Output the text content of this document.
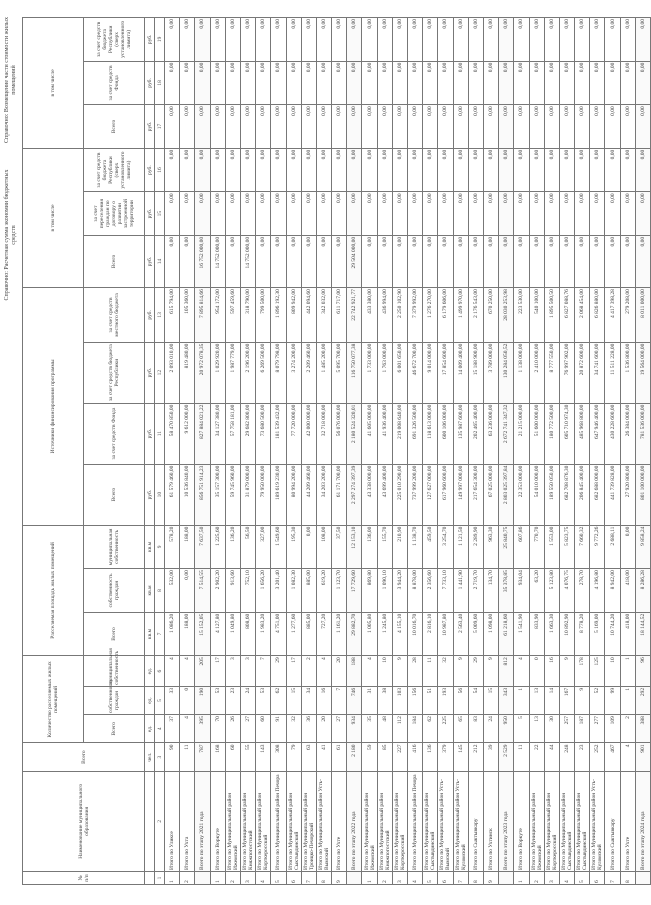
Справочно: Расчетная сумма экономии бюджетных средств
Справочно: Возмещение части стоимости жилых помещений
№ п/п	Наименование муниципального образования	Всего	Количество расселяемых жилых помещений			Расселяемая площадь жилых помещений			Источники финансирования программы				в том числе			в том числе		
			Всего	собственность граждан	муниципальная собственность	Всего	собственность граждан	муниципальная собственность	Всего	за счет средств Фонда	за счет средств бюджета Республики	за счет средств местного бюджета	Всего	за счет переселения граждан по договору о развитии застроенной территории	за счет средств бюджета Республики (сверх установленного лимита)	Всего	за счет средств Фонда	за счет средств бюджета Республики (сверх установленного лимита)
		чел.	ед.	ед.	ед.	кв.м	кв.м	кв.м	руб.	руб.	руб.	руб.	руб.	руб.	руб.	руб.	руб.	руб.
1	2	3	4	5	6	7	8	9	10	11	12	13	14	15	16	17	18	19
1	Итого по Уликсе	90	37	33	4	1 086,20	532,00	578,20	61 579 460,00	58 470 850,00	2 093 010,00	615 794,00	0,00	0,00	0,00	0,00	0,00	0,00
2	Итого по Ухта	11	4	0	4	188,00	0,00	188,00	10 536 840,00	9 612 000,00	819 480,00	105 360,00	0,00	0,00	0,00	0,00	0,00	0,00
	Всего по этапу 2021 года	787	395	190	205	15 152,05	7 514,55	7 637,50	856 751 914,23	827 884 021,22	20 972 078,35	7 895 814,66	16 752 000,00	0,00	0,00	0,00	0,00	0,00
1	Итого по Воркуте	168	70	53	17	4 127,80	2 902,20	1 225,60	35 157 300,00	34 127 380,00	1 029 920,00	954 172,00	14 752 000,00	0,00	0,00	0,00	0,00	0,00
2	Итого по Муниципальный район Ижемский	60	26	23	3	1 049,80	913,60	136,20	59 745 960,00	57 758 181,00	1 987 779,00	597 459,60	0,00	0,00	0,00	0,00	0,00	0,00
3	Итого по Муниципальный район Княжпогостский	55	27	24	3	808,60	752,10	56,50	31 879 000,00	29 682 800,00	2 196 200,00	318 790,00	14 752 000,00	0,00	0,00	0,00	0,00	0,00
4	Итого по Муниципальный район Корткеросский	143	60	53	7	1 983,20	1 656,20	327,00	79 950 000,00	73 680 500,00	6 269 500,00	799 500,00	0,00	0,00	0,00	0,00	0,00	0,00
5	Итого по Муниципальный район Печора	308	91	62	29	4 751,00	3 201,40	1 549,60	189 619 230,00	181 539 432,00	8 079 798,00	1 896 192,30	0,00	0,00	0,00	0,00	0,00	0,00
6	Итого по Муниципальный район Сыктывдинский	79	32	15	17	1 277,60	1 082,30	195,30	80 994 200,00	77 720 000,00	3 274 200,00	809 942,00	0,00	0,00	0,00	0,00	0,00	0,00
7	Итого по Муниципальный район Троицко-Печорский	63	36	34	2	885,00	885,00	0,00	44 209 460,00	42 000 000,00	2 209 460,00	442 094,60	0,00	0,00	0,00	0,00	0,00	0,00
8	Итого по Муниципальный район Усть-Вымский	41	20	16	4	727,20	619,20	108,00	34 203 200,00	32 718 000,00	1 485 200,00	342 032,00	0,00	0,00	0,00	0,00	0,00	0,00
9	Итого по Ухте	61	27	7	20	1 161,20	1 123,70	37,50	61 171 700,00	56 076 000,00	5 095 700,00	611 717,00	0,00	0,00	0,00	0,00	0,00	0,00
	Всего по этапу 2022 года	2 180	934	746	188	29 882,70	17 729,60	12 153,10	2 297 274 397,39	2 180 524 320,01	116 750 077,38	22 742 921,77	29 504 000,00	0,00	0,00	0,00	0,00	0,00
1	Итого по Муниципальный район Ижемский	59	35	31	4	1 005,80	869,80	136,00	43 338 000,00	41 605 000,00	1 733 000,00	433 380,00	0,00	0,00	0,00	0,00	0,00	0,00
2	Итого по Муниципальный район Княжпогостский	85	48	38	10	1 245,80	1 090,10	155,70	43 699 400,00	41 936 400,00	1 763 000,00	436 994,00	0,00	0,00	0,00	0,00	0,00	0,00
3	Итого по Муниципальный район Корткеросский	227	112	103	9	4 155,10	3 944,20	210,90	225 010 290,00	219 008 640,00	6 001 650,00	2 250 102,90	0,00	0,00	0,00	0,00	0,00	0,00
4	Итого по Муниципальный район Печора	416	184	156	28	10 016,70	8 878,00	1 138,70	737 999 200,00	691 326 500,00	46 672 700,00	7 379 992,00	0,00	0,00	0,00	0,00	0,00	0,00
5	Итого по Муниципальный район Сыктывдинский	136	62	51	11	2 816,10	2 356,60	459,50	127 627 000,00	118 613 000,00	9 014 000,00	1 276 270,00	0,00	0,00	0,00	0,00	0,00	0,00
6	Итого по Муниципальный район Усть-Вымский	379	225	193	32	10 987,80	7 733,10	3 254,70	617 960 600,00	600 106 000,00	17 854 600,00	6 179 606,00	0,00	0,00	0,00	0,00	0,00	0,00
7	Итого по Муниципальный район Усть-Куломский	145	65	56	9	2 563,40	1 441,90	1 121,50	149 997 000,00	135 987 600,00	14 009 400,00	1 499 970,00	0,00	0,00	0,00	0,00	0,00	0,00
8	Итого по Сыктывкару	212	83	54	29	5 009,60	2 719,70	2 289,90	217 654 300,00	202 465 400,00	15 188 900,00	2 176 543,00	0,00	0,00	0,00	0,00	0,00	0,00
9	Итого по Ухтинск	39	24	15	9	1 098,00	134,70	963,30	67 025 000,00	63 236 000,00	3 789 000,00	670 250,00	0,00	0,00	0,00	0,00	0,00	0,00
	Всего по этапу 2023 года	2 529	950	343	812	61 218,60	35 378,85	25 840,75	2 803 025 397,84	2 672 741 347,32	130 284 050,52	28 030 253,98	0,00	0,00	0,00	0,00	0,00	0,00
1	Итого по Воркуте	11	5	1	4	1 541,90	934,04	607,86	22 353 000,00	21 215 000,00	1 138 000,00	223 530,00	0,00	0,00	0,00	0,00	0,00	0,00
2	Итого по Муниципальный район Ижемский	22	13	13	0	833,90	63,20	770,70	54 010 000,00	51 600 000,00	2 410 000,00	540 100,00	0,00	0,00	0,00	0,00	0,00	0,00
3	Итого по Муниципальный район Корткеросский	44	30	14	16	1 663,30	5 123,80	1 553,00	189 550 050,00	180 772 500,00	8 777 550,00	1 895 500,50	0,00	0,00	0,00	0,00	0,00	0,00
4	Итого по Муниципальный район Сыктывдинский	248	257	167	9	10 892,90	4 076,75	5 823,75	682 708 876,30	605 710 974,30	76 997 902,00	6 827 088,76	0,00	0,00	0,00	0,00	0,00	0,00
5	Итого по Муниципальный район Сыктывдинский	23	187	9	178	8 778,20	278,70	7 660,32	206 845 400,00	485 968 800,00	20 872 600,00	2 068 454,00	0,00	0,00	0,00	0,00	0,00	0,00
6	Итого по Муниципальный район Усть-Куломский	252	277	52	125	5 169,00	4 196,80	9 772,26	682 688 000,00	647 946 400,00	34 741 600,00	6 826 880,00	0,00	0,00	0,00	0,00	0,00	0,00
7	Итого по Сыктывкару	467	109	99	10	10 744,20	8 942,00	2 688,11	441 739 828,00	430 228 600,00	11 511 228,00	4 417 398,28	0,00	0,00	0,00	0,00	0,00	0,00
8	Итого по Ухте	4	2	1	1	418,00	418,00	0,00	27 920 800,00	26 384 000,00	1 536 800,00	279 208,00	0,00	0,00	0,00	0,00	0,00	0,00
	Всего по этапу 2024 года	901	388	292	96	18 144,52	8 286,28	9 858,24	801 100 000,00	781 536 000,00	19 564 000,00	8 011 000,00	0,00	0,00	0,00	0,00	0,00	0,00
